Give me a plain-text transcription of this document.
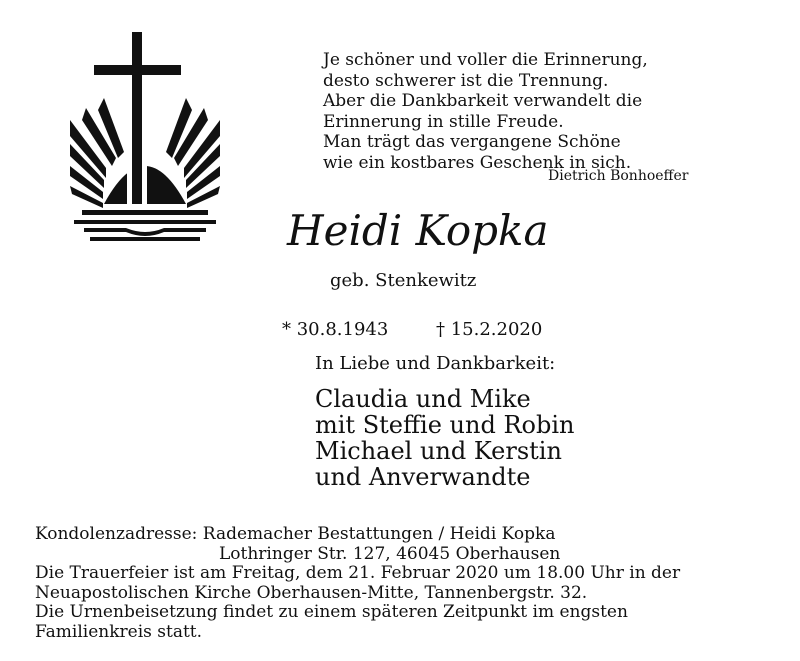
Je schöner und voller die Erinnerung,
desto schwerer ist die Trennung.
Aber die Dankbarkeit verwandelt die
Erinnerung in stille Freude.
Man trägt das vergangene Schöne
wie ein kostbares Geschenk in sich.
Dietrich Bonhoeffer
Heidi Kopka
geb. Stenkewitz
* 30.8.1943	† 15.2.2020
In Liebe und Dankbarkeit:
Claudia und Mike
mit Steffie und Robin
Michael und Kerstin
und Anverwandte
Kondolenzadresse: Rademacher Bestattungen / Heidi Kopka
Lothringer Str. 127, 46045 Oberhausen
Die Trauerfeier ist am Freitag, dem 21. Februar 2020 um 18.00 Uhr in der
Neuapostolischen Kirche Oberhausen-Mitte, Tannenbergstr. 32.
Die Urnenbeisetzung findet zu einem späteren Zeitpunkt im engsten
Familienkreis statt.
